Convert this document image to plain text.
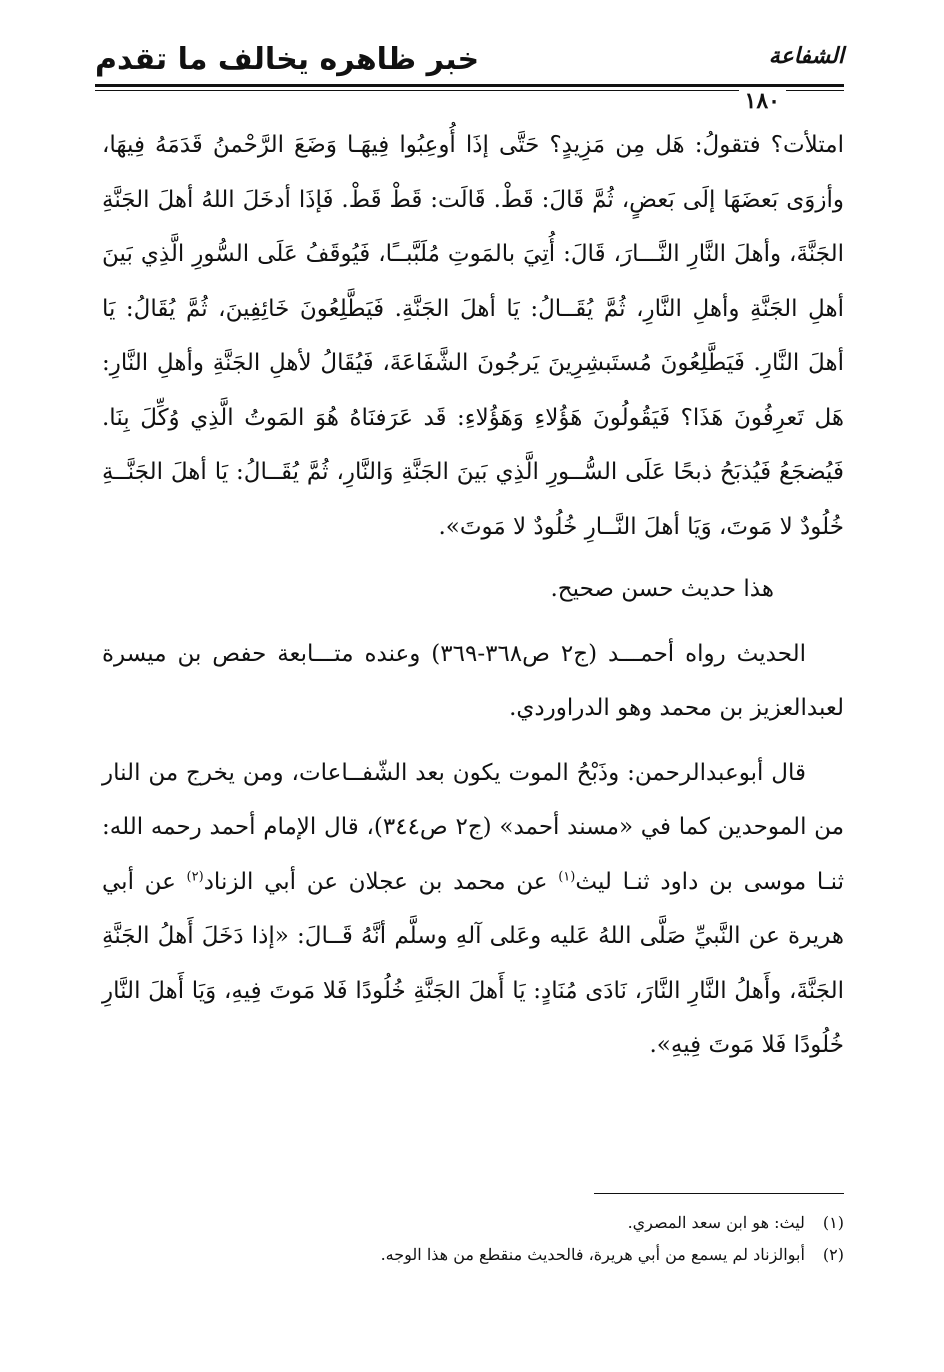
خبر ظاهره يخالف ما تقدم	الشفاعة
١٨٠

امتلأت؟ فتقولُ: هَل مِن مَزِيدٍ؟ حَتَّى إذَا أُوعِبُوا فِيهَـا وَضَعَ الرَّحْمنُ قَدَمَهُ فِيهَا، وأزوَى بَعضَهَا إلَى بَعضٍ، ثُمَّ قَالَ: قَطْ. قَالَت: قَطْ قَطْ. فَإذَا أدخَلَ اللهُ أهلَ الجَنَّةِ الجَنَّةَ، وأهلَ النَّارِ النَّـــارَ، قَالَ: أُتِيَ بالمَوتِ مُلَبَّبــًا، فَيُوقَفُ عَلَى السُّورِ الَّذِي بَينَ أهلِ الجَنَّةِ وأهلِ النَّارِ، ثُمَّ يُقَــالُ: يَا أهلَ الجَنَّةِ. فَيَطَّلِعُونَ خَائِفِينَ، ثُمَّ يُقَالُ: يَا أهلَ النَّارِ. فَيَطَّلِعُونَ مُستَبشِرِينَ يَرجُونَ الشَّفَاعَةَ، فَيُقَالُ لأهلِ الجَنَّةِ وأهلِ النَّارِ: هَل تَعرِفُونَ هَذَا؟ فَيَقُولُونَ هَؤُلاءِ وَهَؤُلاءِ: قَد عَرَفنَاهُ هُوَ المَوتُ الَّذِي وُكِّلَ بِنَا. فَيُضجَعُ فَيُذبَحُ ذبحًا عَلَى السُّــورِ الَّذِي بَينَ الجَنَّةِ وَالنَّارِ، ثُمَّ يُقَــالُ: يَا أهلَ الجَنَّــةِ خُلُودٌ لا مَوتَ، وَيَا أهلَ النَّــارِ خُلُودٌ لا مَوتَ».

هذا حديث حسن صحيح.

الحديث رواه أحمـــد (ج٢ ص٣٦٨-٣٦٩) وعنده متـــابعة حفص بن ميسرة لعبدالعزيز بن محمد وهو الدراوردي.

قال أبوعبدالرحمن: وذَبْحُ الموت يكون بعد الشّفــاعات، ومن يخرج من النار من الموحدين كما في «مسند أحمد» (ج٢ ص٣٤٤)، قال الإمام أحمد رحمه الله: ثنـا موسى بن داود ثنـا ليث$^{(١)}$ عن محمد بن عجلان عن أبي الزناد$^{(٢)}$ عن أبي هريرة عن النَّبيِّ صَلَّى اللهُ عَليه وعَلى آلهِ وسلَّم أنَّهُ قَــالَ: «إذا دَخَلَ أَهلُ الجَنَّةِ الجَنَّةَ، وأَهلُ النَّارِ النَّارَ، نَادَى مُنَادٍ: يَا أَهلَ الجَنَّةِ خُلُودًا فَلا مَوتَ فِيهِ، وَيَا أَهلَ النَّارِ خُلُودًا فَلا مَوتَ فِيهِ».

(١) ليث: هو ابن سعد المصري.

(٢) أبوالزناد لم يسمع من أبي هريرة، فالحديث منقطع من هذا الوجه.
